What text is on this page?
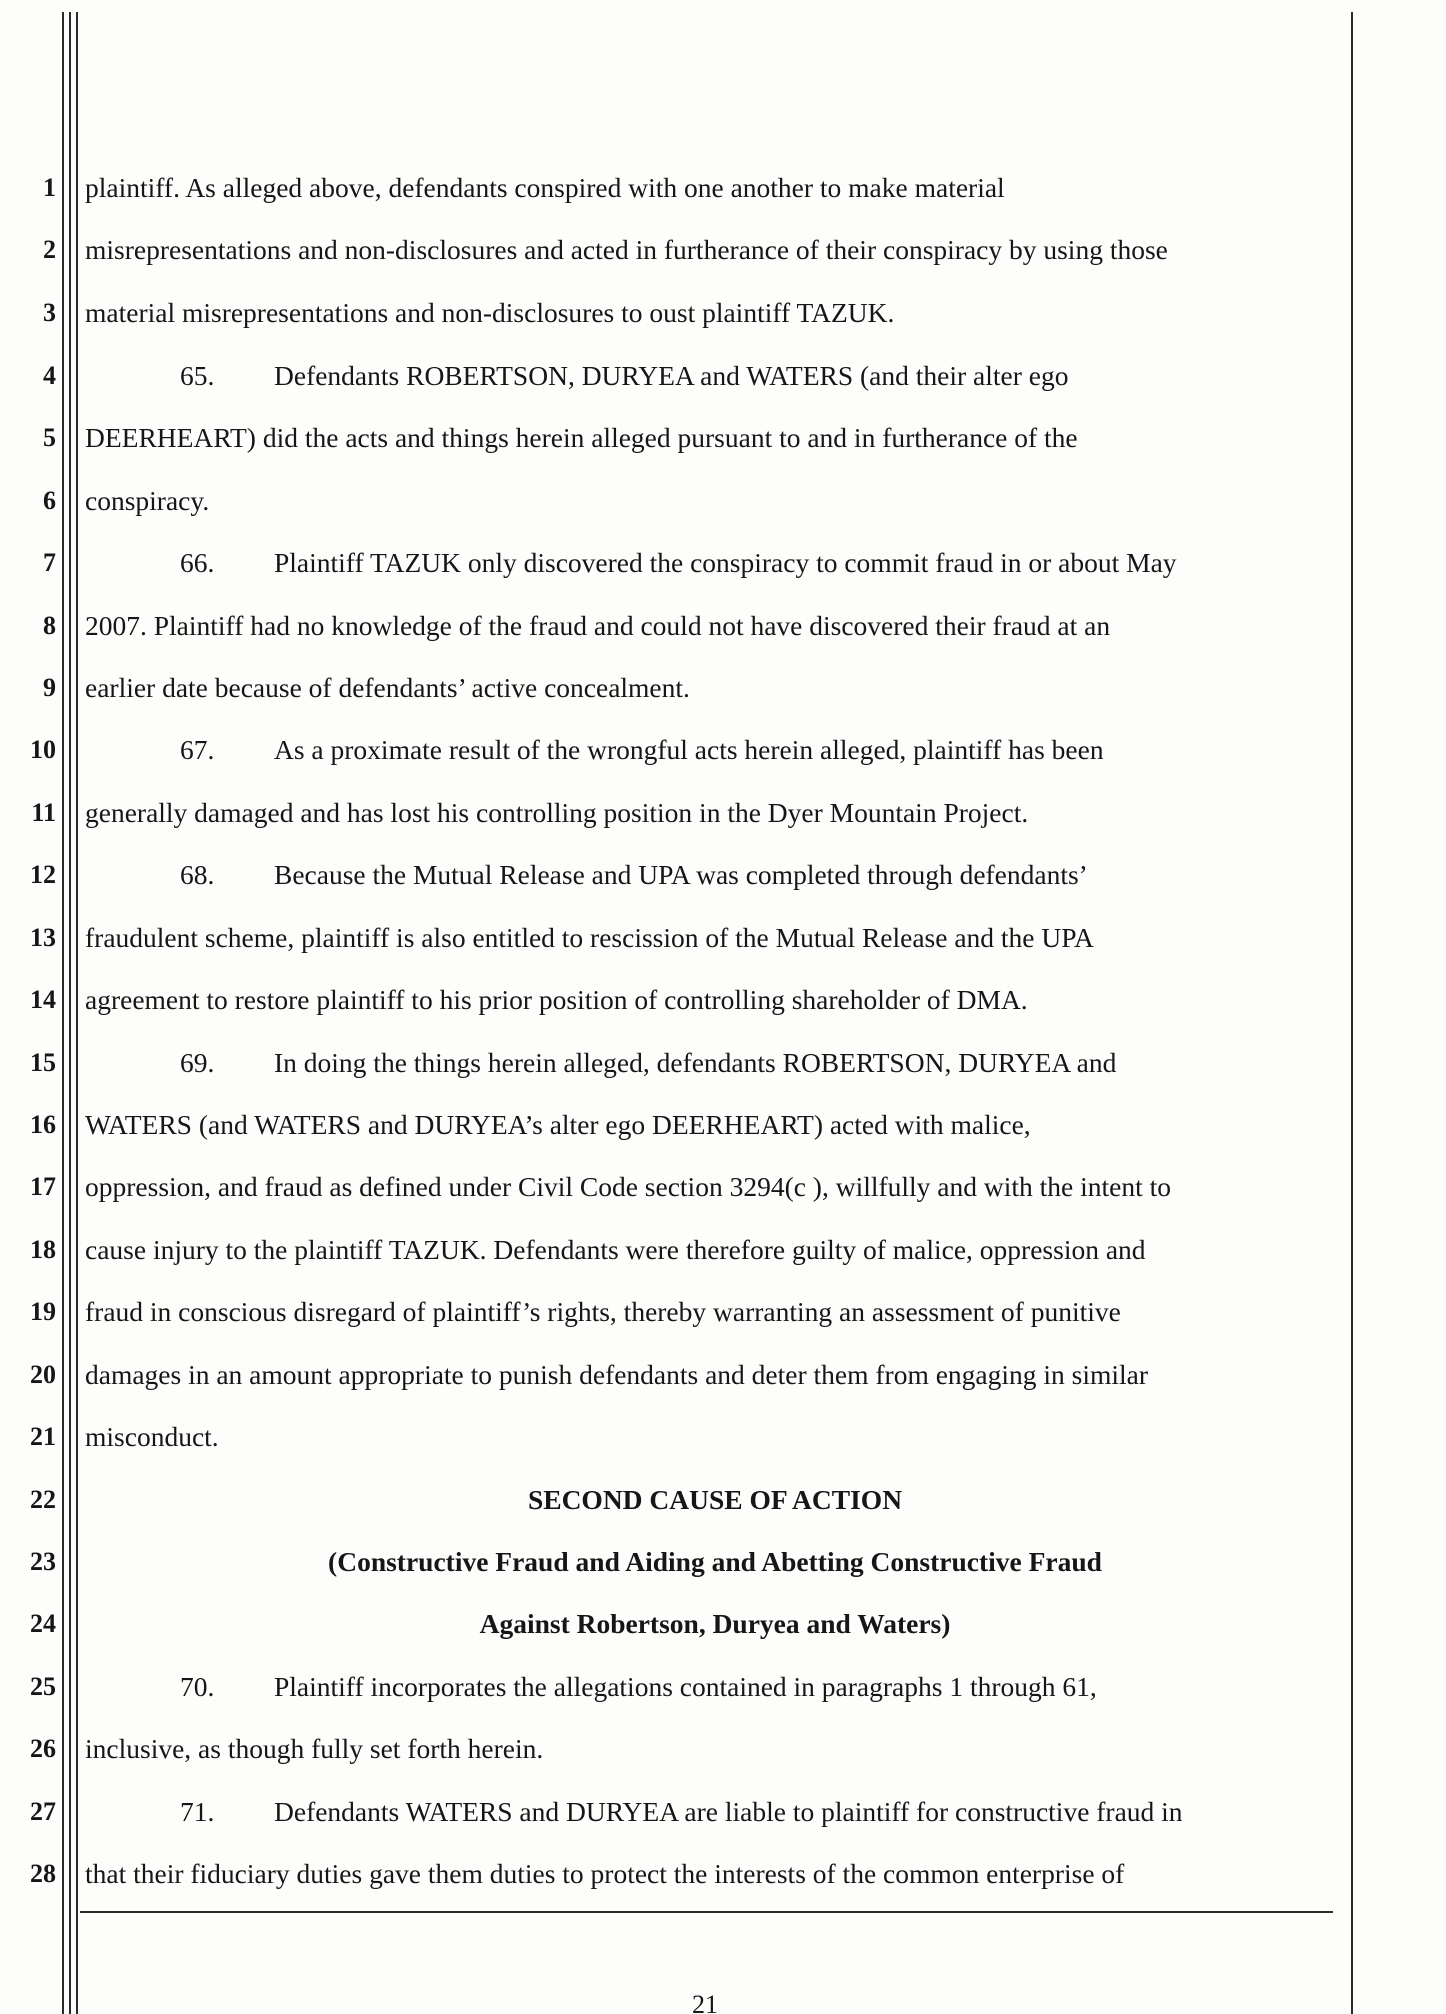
1
2
3
4
5
6
7
8
9
10
11
12
13
14
15
16
17
18
19
20
21
22
23
24
25
26
27
28
plaintiff. As alleged above, defendants conspired with one another to make material
misrepresentations and non-disclosures and acted in furtherance of their conspiracy by using those
material misrepresentations and non-disclosures to oust plaintiff TAZUK.
65. Defendants ROBERTSON, DURYEA and WATERS (and their alter ego
DEERHEART) did the acts and things herein alleged pursuant to and in furtherance of the
conspiracy.
66. Plaintiff TAZUK only discovered the conspiracy to commit fraud in or about May
2007. Plaintiff had no knowledge of the fraud and could not have discovered their fraud at an
earlier date because of defendants’ active concealment.
67. As a proximate result of the wrongful acts herein alleged, plaintiff has been
generally damaged and has lost his controlling position in the Dyer Mountain Project.
68. Because the Mutual Release and UPA was completed through defendants’
fraudulent scheme, plaintiff is also entitled to rescission of the Mutual Release and the UPA
agreement to restore plaintiff to his prior position of controlling shareholder of DMA.
69. In doing the things herein alleged, defendants ROBERTSON, DURYEA and
WATERS (and WATERS and DURYEA’s alter ego DEERHEART) acted with malice,
oppression, and fraud as defined under Civil Code section 3294(c ), willfully and with the intent to
cause injury to the plaintiff TAZUK. Defendants were therefore guilty of malice, oppression and
fraud in conscious disregard of plaintiff’s rights, thereby warranting an assessment of punitive
damages in an amount appropriate to punish defendants and deter them from engaging in similar
misconduct.
SECOND CAUSE OF ACTION
(Constructive Fraud and Aiding and Abetting Constructive Fraud
Against Robertson, Duryea and Waters)
70. Plaintiff incorporates the allegations contained in paragraphs 1 through 61,
inclusive, as though fully set forth herein.
71. Defendants WATERS and DURYEA are liable to plaintiff for constructive fraud in
that their fiduciary duties gave them duties to protect the interests of the common enterprise of
21
